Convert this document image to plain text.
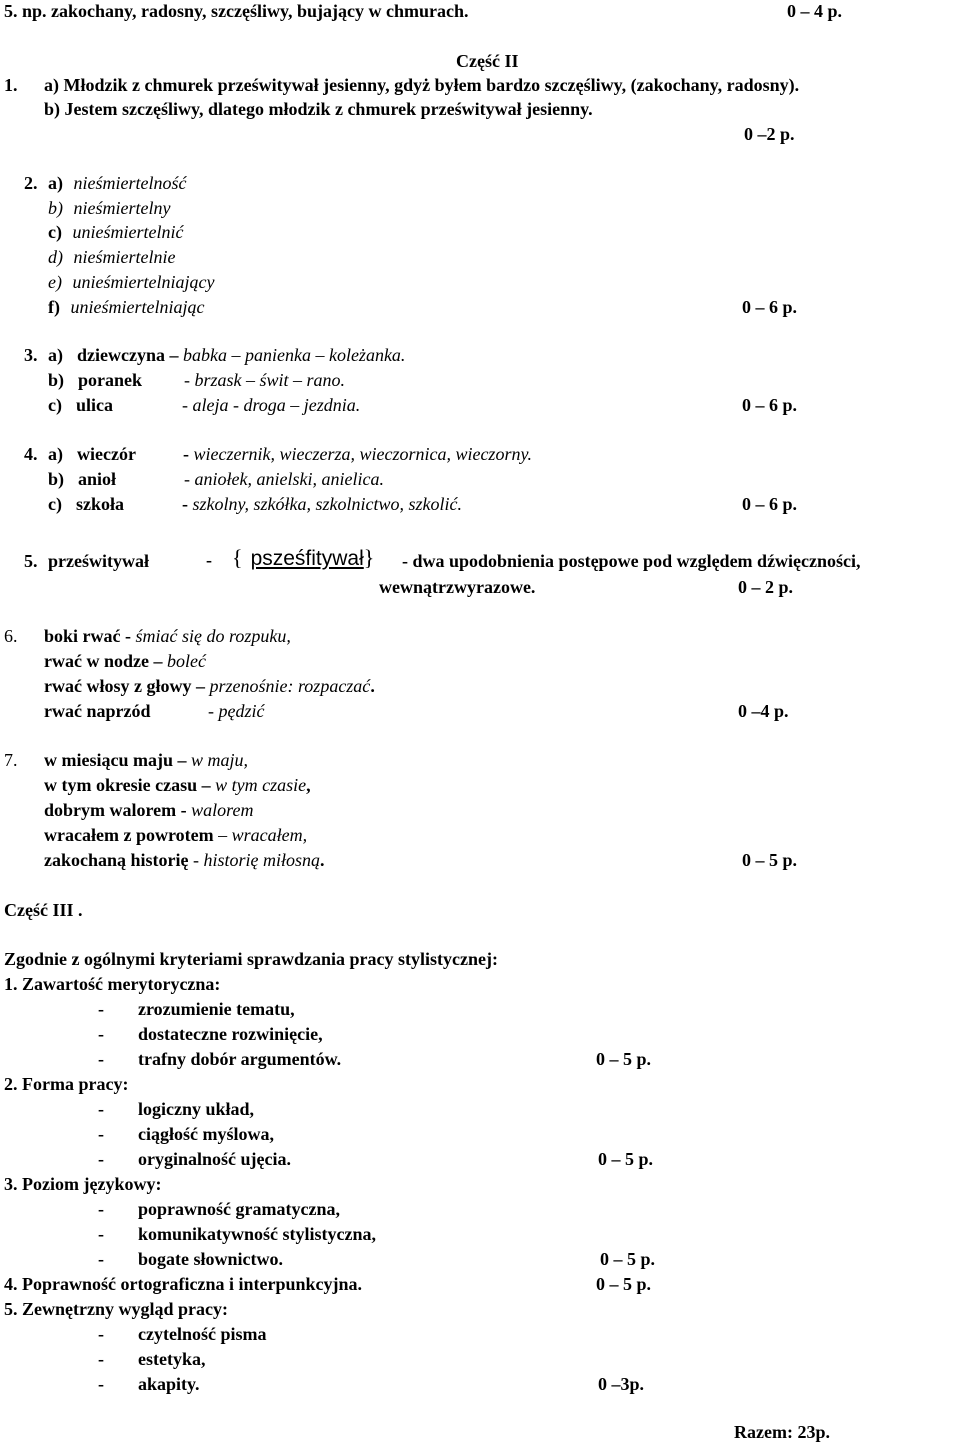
5. np. zakochany, radosny, szczęśliwy, bujający w chmurach.	0 – 4 p.
Część II
1. a) Młodzik z chmurek prześwitywał jesienny, gdyż byłem bardzo szczęśliwy, (zakochany, radosny).
b) Jestem szczęśliwy, dlatego młodzik z chmurek prześwitywał jesienny.
0 –2 p.
2. a) nieśmiertelność
b) nieśmiertelny
c) unieśmiertelnić
d) nieśmiertelnie
e) unieśmiertelniający
f) unieśmiertelniając	0 – 6 p.
3. a) dziewczyna – babka – panienka – koleżanka.
b) poranek - brzask – świt – rano.
c) ulica	- aleja - droga – jezdnia.	0 – 6 p.
4. a) wieczór	- wieczernik, wieczerza, wieczornica, wieczorny.
b) anioł	- aniołek, anielski, anielica.
c) szkoła	- szkolny, szkółka, szkolnictwo, szkolić.	0 – 6 p.
5. prześwitywał	- { psześfitywał} - dwa upodobnienia postępowe pod względem dźwięczności,
wewnątrzwyrazowe.	0 – 2 p.
6. boki rwać - śmiać się do rozpuku,
rwać w nodze – boleć
rwać włosy z głowy – przenośnie: rozpaczać.
rwać naprzód	- pędzić	0 –4 p.
7. w miesiącu maju – w maju,
w tym okresie czasu – w tym czasie,
dobrym walorem - walorem
wracałem z powrotem – wracałem,
zakochaną historię - historię miłosną.	0 – 5 p.
Część III .
Zgodnie z ogólnymi kryteriami sprawdzania pracy stylistycznej:
1. Zawartość merytoryczna:
- zrozumienie tematu,
- dostateczne rozwinięcie,
- trafny dobór argumentów.	0 – 5 p.
2. Forma pracy:
- logiczny układ,
- ciągłość myślowa,
- oryginalność ujęcia.	0 – 5 p.
3. Poziom językowy:
- poprawność gramatyczna,
- komunikatywność stylistyczna,
- bogate słownictwo.	0 – 5 p.
4. Poprawność ortograficzna i interpunkcyjna.	0 – 5 p.
5. Zewnętrzny wygląd pracy:
- czytelność pisma
- estetyka,
- akapity.	0 –3p.
Razem: 23p.
